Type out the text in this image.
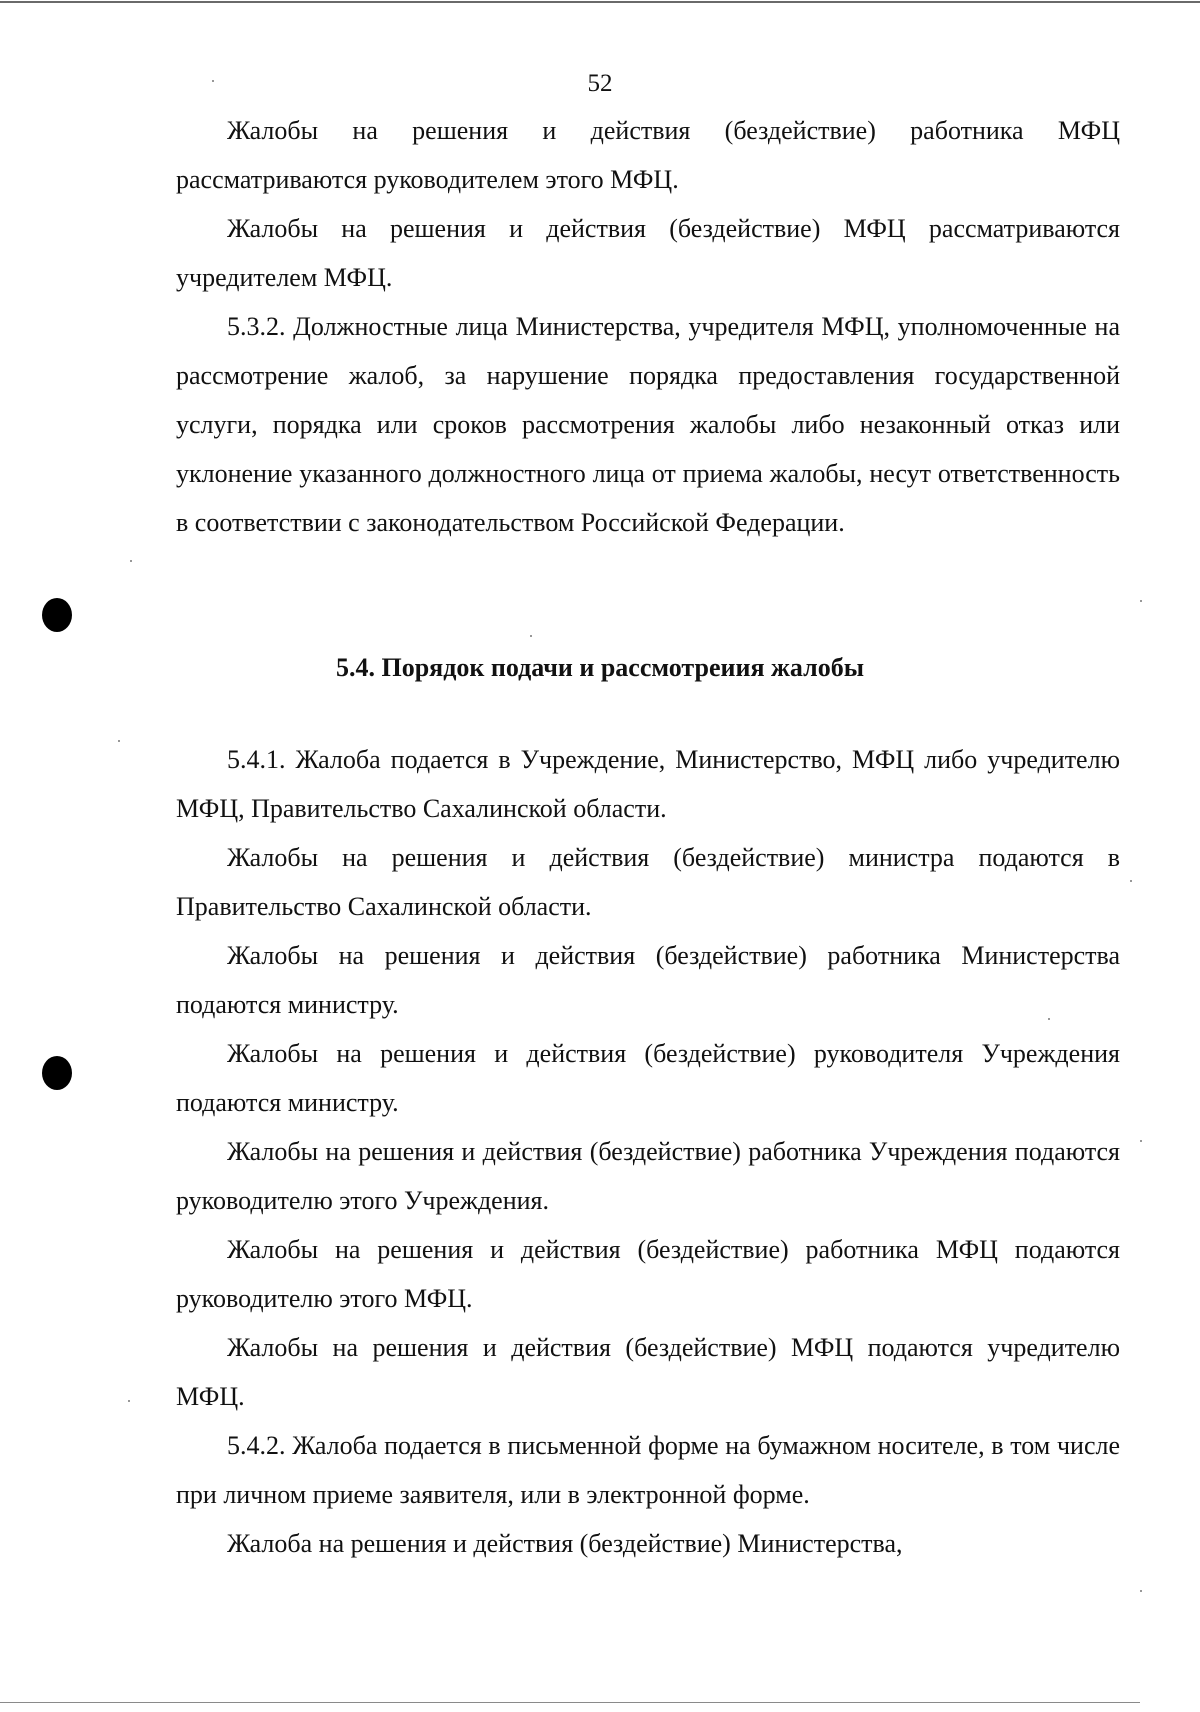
52

Жалобы на решения и действия (бездействие) работника МФЦ рассматриваются руководителем этого МФЦ.

Жалобы на решения и действия (бездействие) МФЦ рассматриваются учредителем МФЦ.

5.3.2. Должностные лица Министерства, учредителя МФЦ, уполномоченные на рассмотрение жалоб, за нарушение порядка предоставления государственной услуги, порядка или сроков рассмотрения жалобы либо незаконный отказ или уклонение указанного должностного лица от приема жалобы, несут ответственность в соответствии с законодательством Российской Федерации.

5.4. Порядок подачи и рассмотреиия жалобы

5.4.1. Жалоба подается в Учреждение, Министерство, МФЦ либо учредителю МФЦ, Правительство Сахалинской области.

Жалобы на решения и действия (бездействие) министра подаются в Правительство Сахалинской области.

Жалобы на решения и действия (бездействие) работника Министерства подаются министру.

Жалобы на решения и действия (бездействие) руководителя Учреждения подаются министру.

Жалобы на решения и действия (бездействие) работника Учреждения подаются руководителю этого Учреждения.

Жалобы на решения и действия (бездействие) работника МФЦ подаются руководителю этого МФЦ.

Жалобы на решения и действия (бездействие) МФЦ подаются учредителю МФЦ.

5.4.2. Жалоба подается в письменной форме на бумажном носителе, в том числе при личном приеме заявителя, или в электронной форме.

Жалоба на решения и действия (бездействие) Министерства,
